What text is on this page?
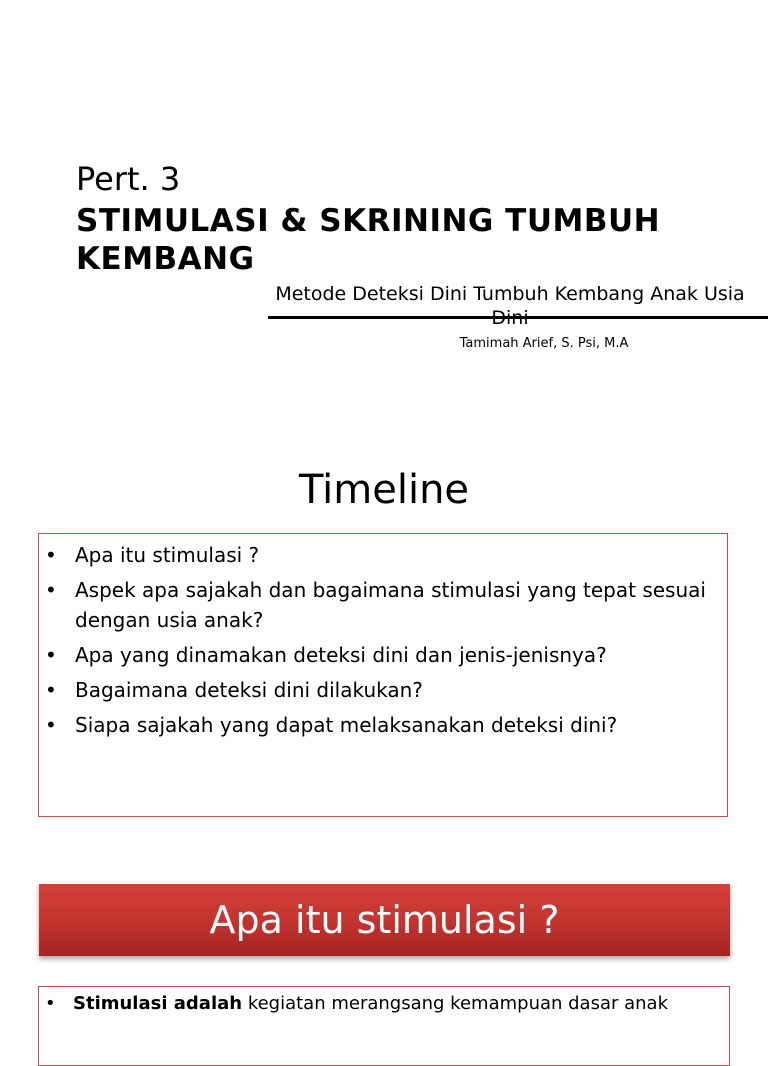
Pert. 3
STIMULASI & SKRINING TUMBUH KEMBANG
Metode Deteksi Dini Tumbuh Kembang Anak Usia
Tamimah Arief, S. Psi, M.A
Timeline
• Apa itu stimulasi ?
• Aspek apa sajakah dan bagaimana stimulasi yang tepat sesuai dengan usia anak?
• Apa yang dinamakan deteksi dini dan jenis-jenisnya?
• Bagaimana deteksi dini dilakukan?
• Siapa sajakah yang dapat melaksanakan deteksi dini?
Apa itu stimulasi ?
• Stimulasi adalah kegiatan merangsang kemampuan dasar anak
